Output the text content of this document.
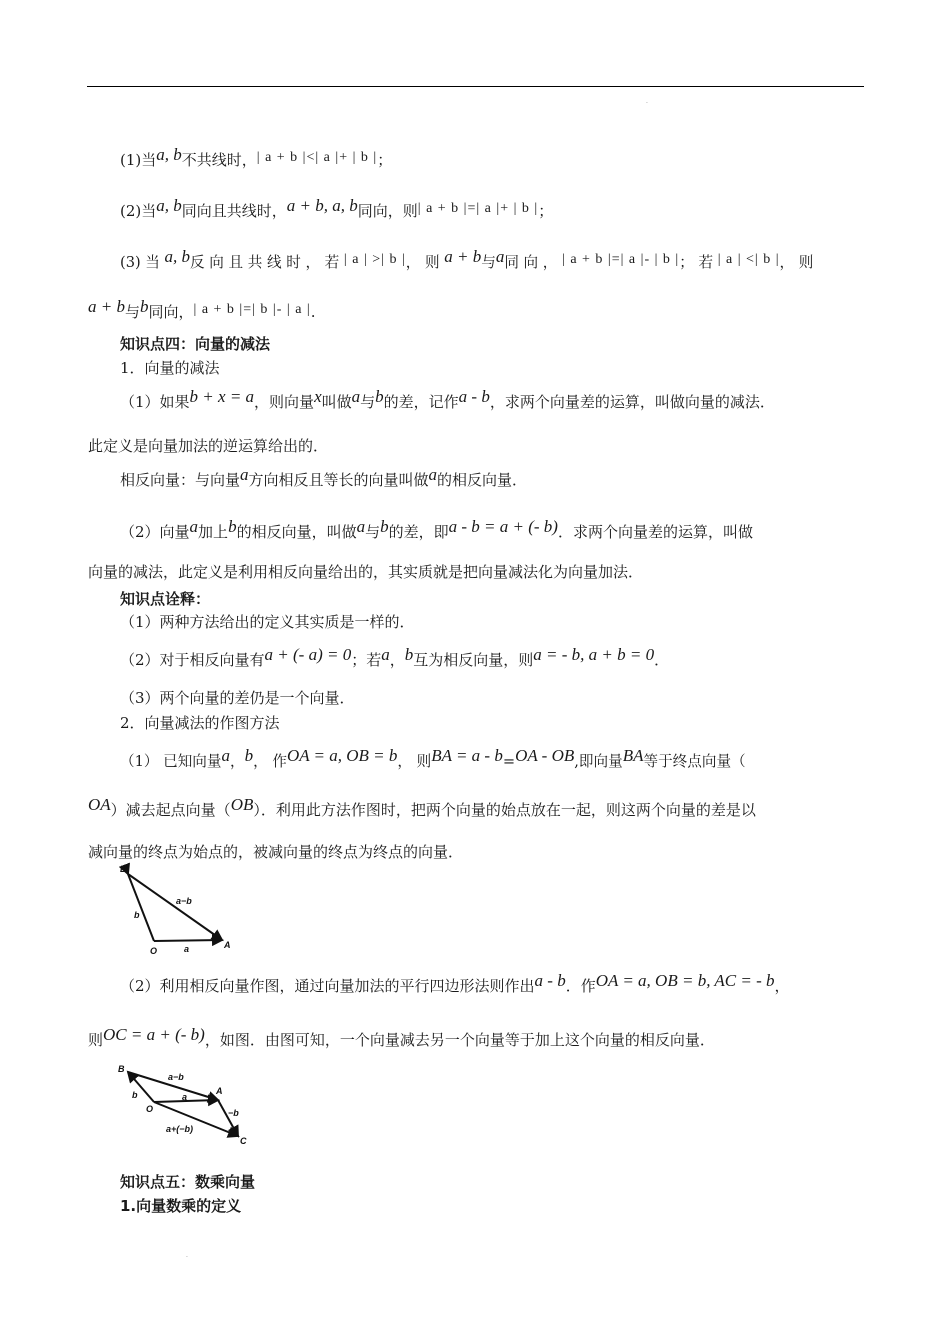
.
(1)当a, b不共线时，| a + b |<| a |+ | b |；
(2)当a, b同向且共线时，a + b, a, b同向，则| a + b |=| a |+ | b |；
(3) 当 a, b反 向 且 共 线 时 ， 若 | a | >| b |， 则 a + b与a同 向 ， | a + b |=| a |- | b |； 若 | a | <| b |， 则
a + b与b同向，| a + b |=| b |- | a |.
知识点四：向量的减法
1．向量的减法
（1）如果b + x = a，则向量x叫做a与b的差，记作a - b，求两个向量差的运算，叫做向量的减法．
此定义是向量加法的逆运算给出的．
相反向量：与向量a方向相反且等长的向量叫做a的相反向量．
（2）向量a加上b的相反向量，叫做a与b的差，即a - b = a + (- b)．求两个向量差的运算，叫做
向量的减法，此定义是利用相反向量给出的，其实质就是把向量减法化为向量加法．
知识点诠释：
（1）两种方法给出的定义其实质是一样的．
（2）对于相反向量有a + (- a) = 0；若a，b互为相反向量，则a = - b, a + b = 0．
（3）两个向量的差仍是一个向量．
2．向量减法的作图方法
（1） 已知向量a，b， 作OA = a, OB = b， 则BA = a - b=OA - OB,即向量BA等于终点向量（
OA）减去起点向量（OB）．利用此方法作图时，把两个向量的始点放在一起，则这两个向量的差是以
减向量的终点为始点的，被减向量的终点为终点的向量．
B
O
A
a−b
b
a
（2）利用相反向量作图，通过向量加法的平行四边形法则作出a - b．作OA = a, OB = b, AC = - b，
则OC = a + (- b)，如图．由图可知，一个向量减去另一个向量等于加上这个向量的相反向量．
B
O
A
C
a−b
b	a
−b
a+(−b)
知识点五：数乘向量
1.向量数乘的定义
.
